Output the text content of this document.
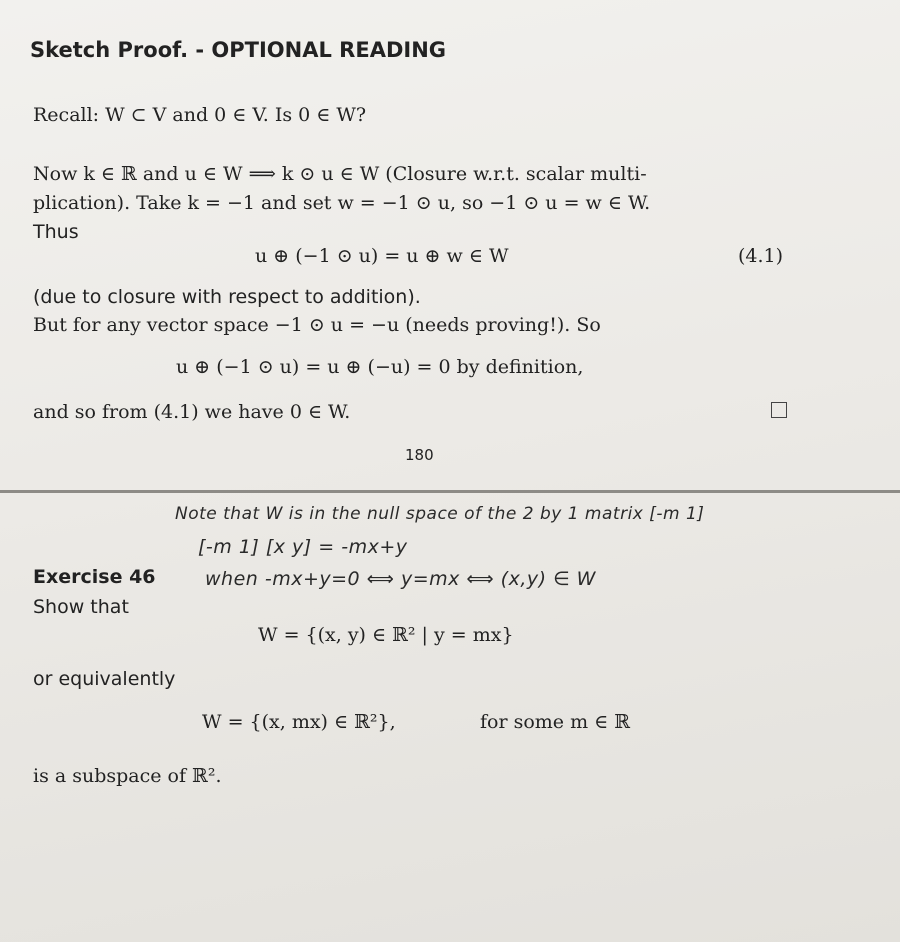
Sketch Proof. - OPTIONAL READING
Recall: W ⊂ V and 0 ∈ V. Is 0 ∈ W?
Now k ∈ ℝ and u ∈ W ⟹ k ⊙ u ∈ W (Closure w.r.t. scalar multi-
plication). Take k = −1 and set w = −1 ⊙ u, so −1 ⊙ u = w ∈ W.
Thus
u ⊕ (−1 ⊙ u) = u ⊕ w ∈ W	(4.1)
(due to closure with respect to addition).
But for any vector space −1 ⊙ u = −u (needs proving!). So
u ⊕ (−1 ⊙ u) = u ⊕ (−u) = 0 by definition,
and so from (4.1) we have 0 ∈ W.
180
Note that W is in the null space of the 2 by 1 matrix [-m 1]
[-m 1] [x y] = -mx+y
when -mx+y=0 ⟺ y=mx ⟺ (x,y) ∈ W
Exercise 46
Show that
W = {(x, y) ∈ ℝ² | y = mx}
or equivalently
W = {(x, mx) ∈ ℝ²},	for some m ∈ ℝ
is a subspace of ℝ².
